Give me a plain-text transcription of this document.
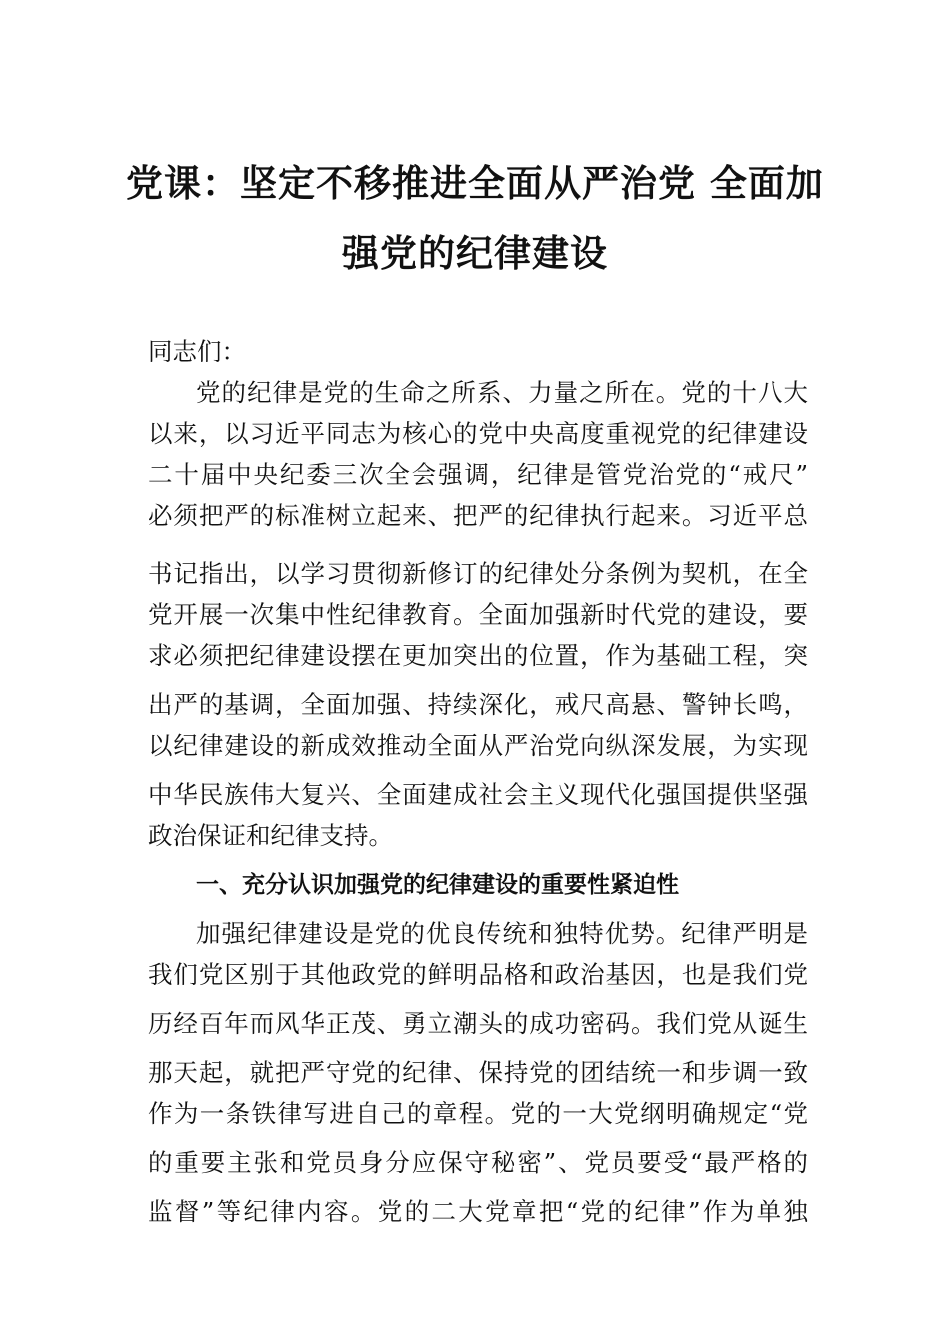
党课：坚定不移推进全面从严治党 全面加
强党的纪律建设
同志们：
党的纪律是党的生命之所系、力量之所在。党的十八大
以来，以习近平同志为核心的党中央高度重视党的纪律建设
二十届中央纪委三次全会强调，纪律是管党治党的“戒尺”
必须把严的标准树立起来、把严的纪律执行起来。习近平总
书记指出，以学习贯彻新修订的纪律处分条例为契机，在全
党开展一次集中性纪律教育。全面加强新时代党的建设，要
求必须把纪律建设摆在更加突出的位置，作为基础工程，突
出严的基调，全面加强、持续深化，戒尺高悬、警钟长鸣，
以纪律建设的新成效推动全面从严治党向纵深发展，为实现
中华民族伟大复兴、全面建成社会主义现代化强国提供坚强
政治保证和纪律支持。
一、充分认识加强党的纪律建设的重要性紧迫性
加强纪律建设是党的优良传统和独特优势。纪律严明是
我们党区别于其他政党的鲜明品格和政治基因，也是我们党
历经百年而风华正茂、勇立潮头的成功密码。我们党从诞生
那天起，就把严守党的纪律、保持党的团结统一和步调一致
作为一条铁律写进自己的章程。党的一大党纲明确规定“党
的重要主张和党员身分应保守秘密”、党员要受“最严格的
监督”等纪律内容。党的二大党章把“党的纪律”作为单独
